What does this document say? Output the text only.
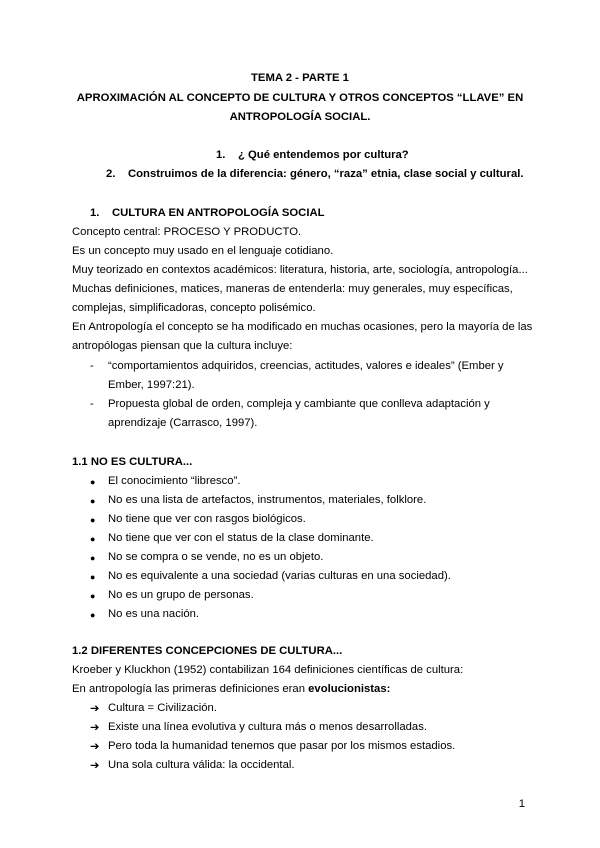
TEMA 2 - PARTE 1
APROXIMACIÓN AL CONCEPTO DE CULTURA Y OTROS CONCEPTOS “LLAVE” EN
ANTROPOLOGÍA SOCIAL.
1. ¿ Qué entendemos por cultura?
2. Construimos de la diferencia: género, “raza” etnia, clase social y cultural.
1. CULTURA EN ANTROPOLOGÍA SOCIAL
Concepto central: PROCESO Y PRODUCTO.
Es un concepto muy usado en el lenguaje cotidiano.
Muy teorizado en contextos académicos: literatura, historia, arte, sociología, antropología...
Muchas definiciones, matices, maneras de entenderla: muy generales, muy específicas,
complejas, simplificadoras, concepto polisémico.
En Antropología el concepto se ha modificado en muchas ocasiones, pero la mayoría de las
antropólogas piensan que la cultura incluye:
- “comportamientos adquiridos, creencias, actitudes, valores e ideales” (Ember y
Ember, 1997:21).
- Propuesta global de orden, compleja y cambiante que conlleva adaptación y
aprendizaje (Carrasco, 1997).
1.1 NO ES CULTURA...
● El conocimiento “libresco”.
● No es una lista de artefactos, instrumentos, materiales, folklore.
● No tiene que ver con rasgos biológicos.
● No tiene que ver con el status de la clase dominante.
● No se compra o se vende, no es un objeto.
● No es equivalente a una sociedad (varias culturas en una sociedad).
● No es un grupo de personas.
● No es una nación.
1.2 DIFERENTES CONCEPCIONES DE CULTURA...
Kroeber y Kluckhon (1952) contabilizan 164 definiciones científicas de cultura:
En antropología las primeras definiciones eran evolucionistas:
➔ Cultura = Civilización.
➔ Existe una línea evolutiva y cultura más o menos desarrolladas.
➔ Pero toda la humanidad tenemos que pasar por los mismos estadios.
➔ Una sola cultura válida: la occidental.
1
